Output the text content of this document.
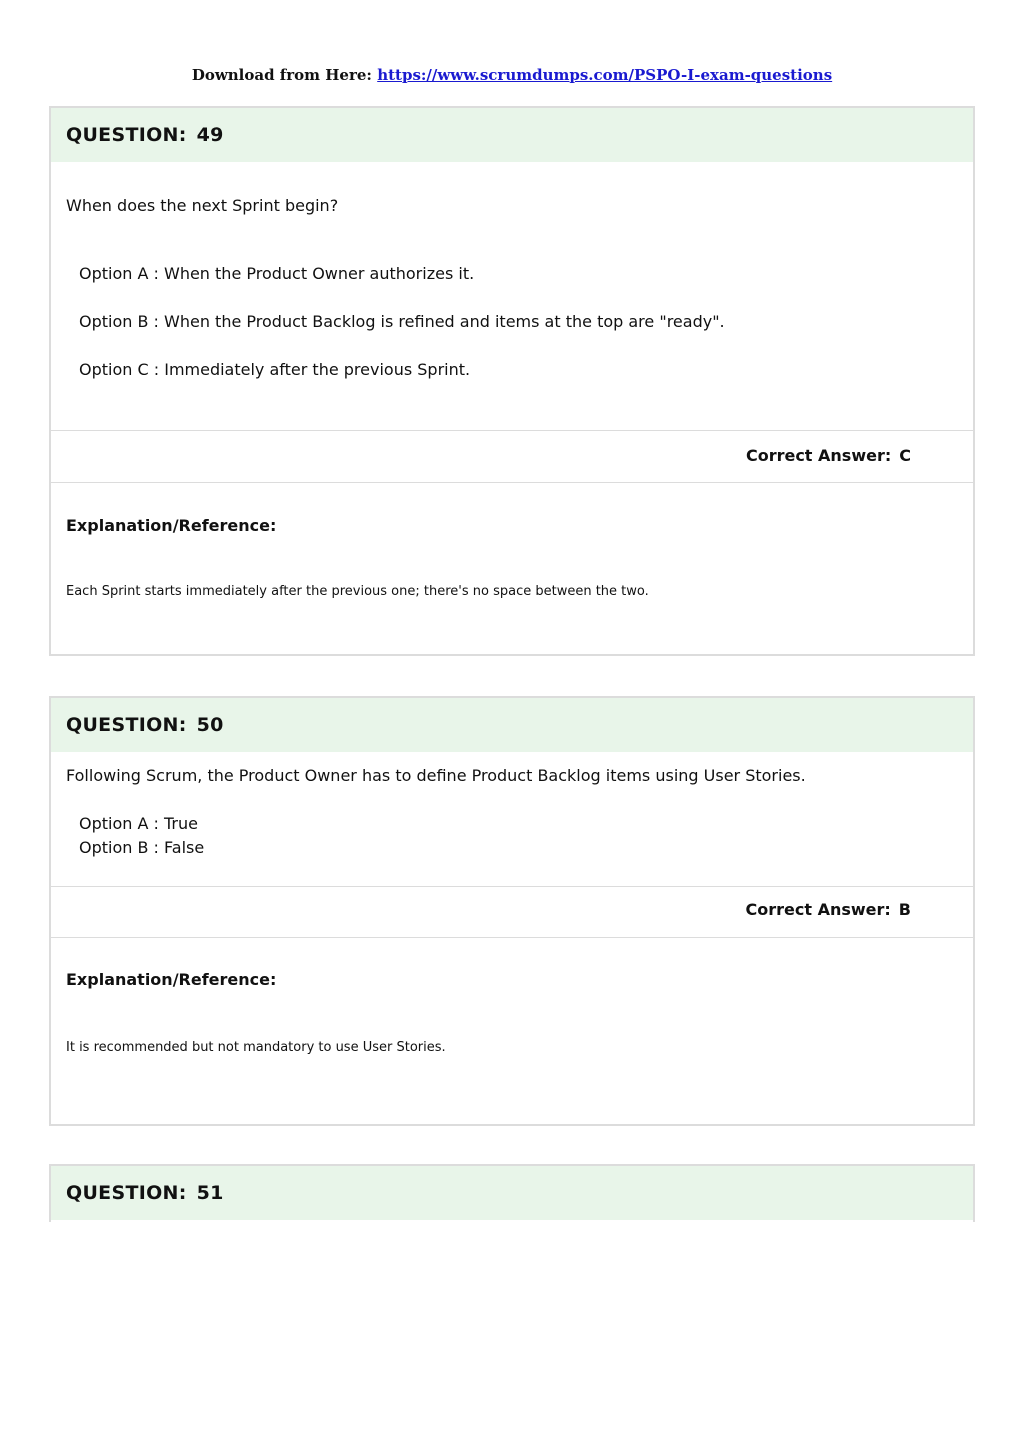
Download from Here: https://www.scrumdumps.com/PSPO-I-exam-questions
QUESTION: 49
When does the next Sprint begin?
Option A : When the Product Owner authorizes it.
Option B : When the Product Backlog is refined and items at the top are "ready".
Option C : Immediately after the previous Sprint.
Correct Answer: C
Explanation/Reference:
Each Sprint starts immediately after the previous one; there's no space between the two.
QUESTION: 50
Following Scrum, the Product Owner has to define Product Backlog items using User Stories.
Option A : True
Option B : False
Correct Answer: B
Explanation/Reference:
It is recommended but not mandatory to use User Stories.
QUESTION: 51
